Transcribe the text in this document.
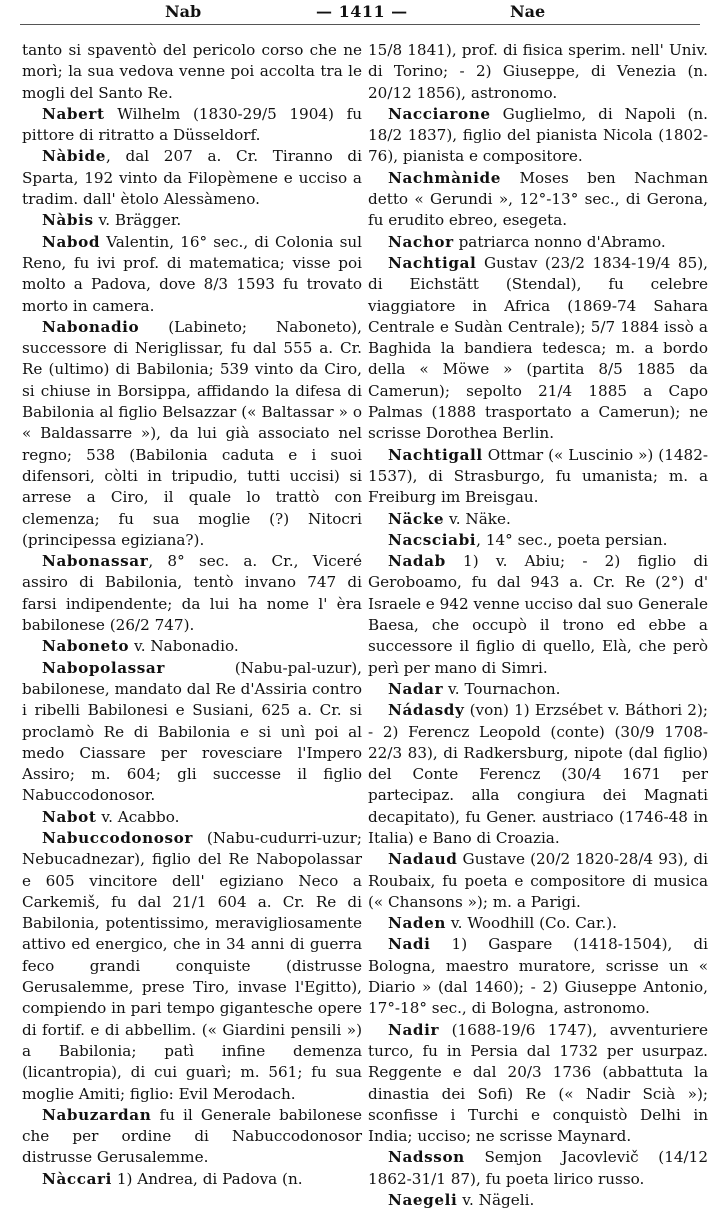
Nab	— 1411 —	Nae

tanto si spaventò del pericolo corso che ne morì; la sua vedova venne poi accolta tra le mogli del Santo Re.

Nabert Wilhelm (1830-29/5 1904) fu pittore di ritratto a Düsseldorf.

Nàbide, dal 207 a. Cr. Tiranno di Sparta, 192 vinto da Filopèmene e ucciso a tradim. dall' ètolo Alessàmeno.

Nàbis v. Brägger.

Nabod Valentin, 16° sec., di Colonia sul Reno, fu ivi prof. di matematica; visse poi molto a Padova, dove 8/3 1593 fu trovato morto in camera.

Nabonadio (Labineto; Naboneto), successore di Neriglissar, fu dal 555 a. Cr. Re (ultimo) di Babilonia; 539 vinto da Ciro, si chiuse in Borsippa, affidando la difesa di Babilonia al figlio Belsazzar (« Baltassar » o « Baldassarre »), da lui già associato nel regno; 538 (Babilonia caduta e i suoi difensori, còlti in tripudio, tutti uccisi) si arrese a Ciro, il quale lo trattò con clemenza; fu sua moglie (?) Nitocri (principessa egiziana?).

Nabonassar, 8° sec. a. Cr., Viceré assiro di Babilonia, tentò invano 747 di farsi indipendente; da lui ha nome l' èra babilonese (26/2 747).

Naboneto v. Nabonadio.

Nabopolassar (Nabu-pal-uzur), babilonese, mandato dal Re d'Assiria contro i ribelli Babilonesi e Susiani, 625 a. Cr. si proclamò Re di Babilonia e si unì poi al medo Ciassare per rovesciare l'Impero Assiro; m. 604; gli successe il figlio Nabuccodonosor.

Nabot v. Acabbo.

Nabuccodonosor (Nabu-cudurri-uzur; Nebucadnezar), figlio del Re Nabopolassar e 605 vincitore dell' egiziano Neco a Carkemiš, fu dal 21/1 604 a. Cr. Re di Babilonia, potentissimo, meravigliosamente attivo ed energico, che in 34 anni di guerra feco grandi conquiste (distrusse Gerusalemme, prese Tiro, invase l'Egitto), compiendo in pari tempo gigantesche opere di fortif. e di abbellim. (« Giardini pensili ») a Babilonia; patì infine demenza (licantropia), di cui guarì; m. 561; fu sua moglie Amiti; figlio: Evil Merodach.

Nabuzardan fu il Generale babilonese che per ordine di Nabuccodonosor distrusse Gerusalemme.

Nàccari 1) Andrea, di Padova (n.

15/8 1841), prof. di fisica sperim. nell' Univ. di Torino; - 2) Giuseppe, di Venezia (n. 20/12 1856), astronomo.

Nacciarone Guglielmo, di Napoli (n. 18/2 1837), figlio del pianista Nicola (1802-76), pianista e compositore.

Nachmànide Moses ben Nachman detto « Gerundi », 12°-13° sec., di Gerona, fu erudito ebreo, esegeta.

Nachor patriarca nonno d'Abramo.

Nachtigal Gustav (23/2 1834-19/4 85), di Eichstätt (Stendal), fu celebre viaggiatore in Africa (1869-74 Sahara Centrale e Sudàn Centrale); 5/7 1884 issò a Baghida la bandiera tedesca; m. a bordo della « Möwe » (partita 8/5 1885 da Camerun); sepolto 21/4 1885 a Capo Palmas (1888 trasportato a Camerun); ne scrisse Dorothea Berlin.

Nachtigall Ottmar (« Luscinio ») (1482-1537), di Strasburgo, fu umanista; m. a Freiburg im Breisgau.

Näcke v. Näke.

Nacsciabi, 14° sec., poeta persian.

Nadab 1) v. Abiu; - 2) figlio di Geroboamo, fu dal 943 a. Cr. Re (2°) d' Israele e 942 venne ucciso dal suo Generale Baesa, che occupò il trono ed ebbe a successore il figlio di quello, Elà, che però perì per mano di Simri.

Nadar v. Tournachon.

Nádasdy (von) 1) Erzsébet v. Báthori 2); - 2) Ferencz Leopold (conte) (30/9 1708-22/3 83), di Radkersburg, nipote (dal figlio) del Conte Ferencz (30/4 1671 per partecipaz. alla congiura dei Magnati decapitato), fu Gener. austriaco (1746-48 in Italia) e Bano di Croazia.

Nadaud Gustave (20/2 1820-28/4 93), di Roubaix, fu poeta e compositore di musica (« Chansons »); m. a Parigi.

Naden v. Woodhill (Co. Car.).

Nadi 1) Gaspare (1418-1504), di Bologna, maestro muratore, scrisse un « Diario » (dal 1460); - 2) Giuseppe Antonio, 17°-18° sec., di Bologna, astronomo.

Nadir (1688-19/6 1747), avventuriere turco, fu in Persia dal 1732 per usurpaz. Reggente e dal 20/3 1736 (abbattuta la dinastia dei Sofi) Re (« Nadir Scià »); sconfisse i Turchi e conquistò Delhi in India; ucciso; ne scrisse Maynard.

Nadsson Semjon Jacovlevič (14/12 1862-31/1 87), fu poeta lirico russo.

Naegeli v. Nägeli.
